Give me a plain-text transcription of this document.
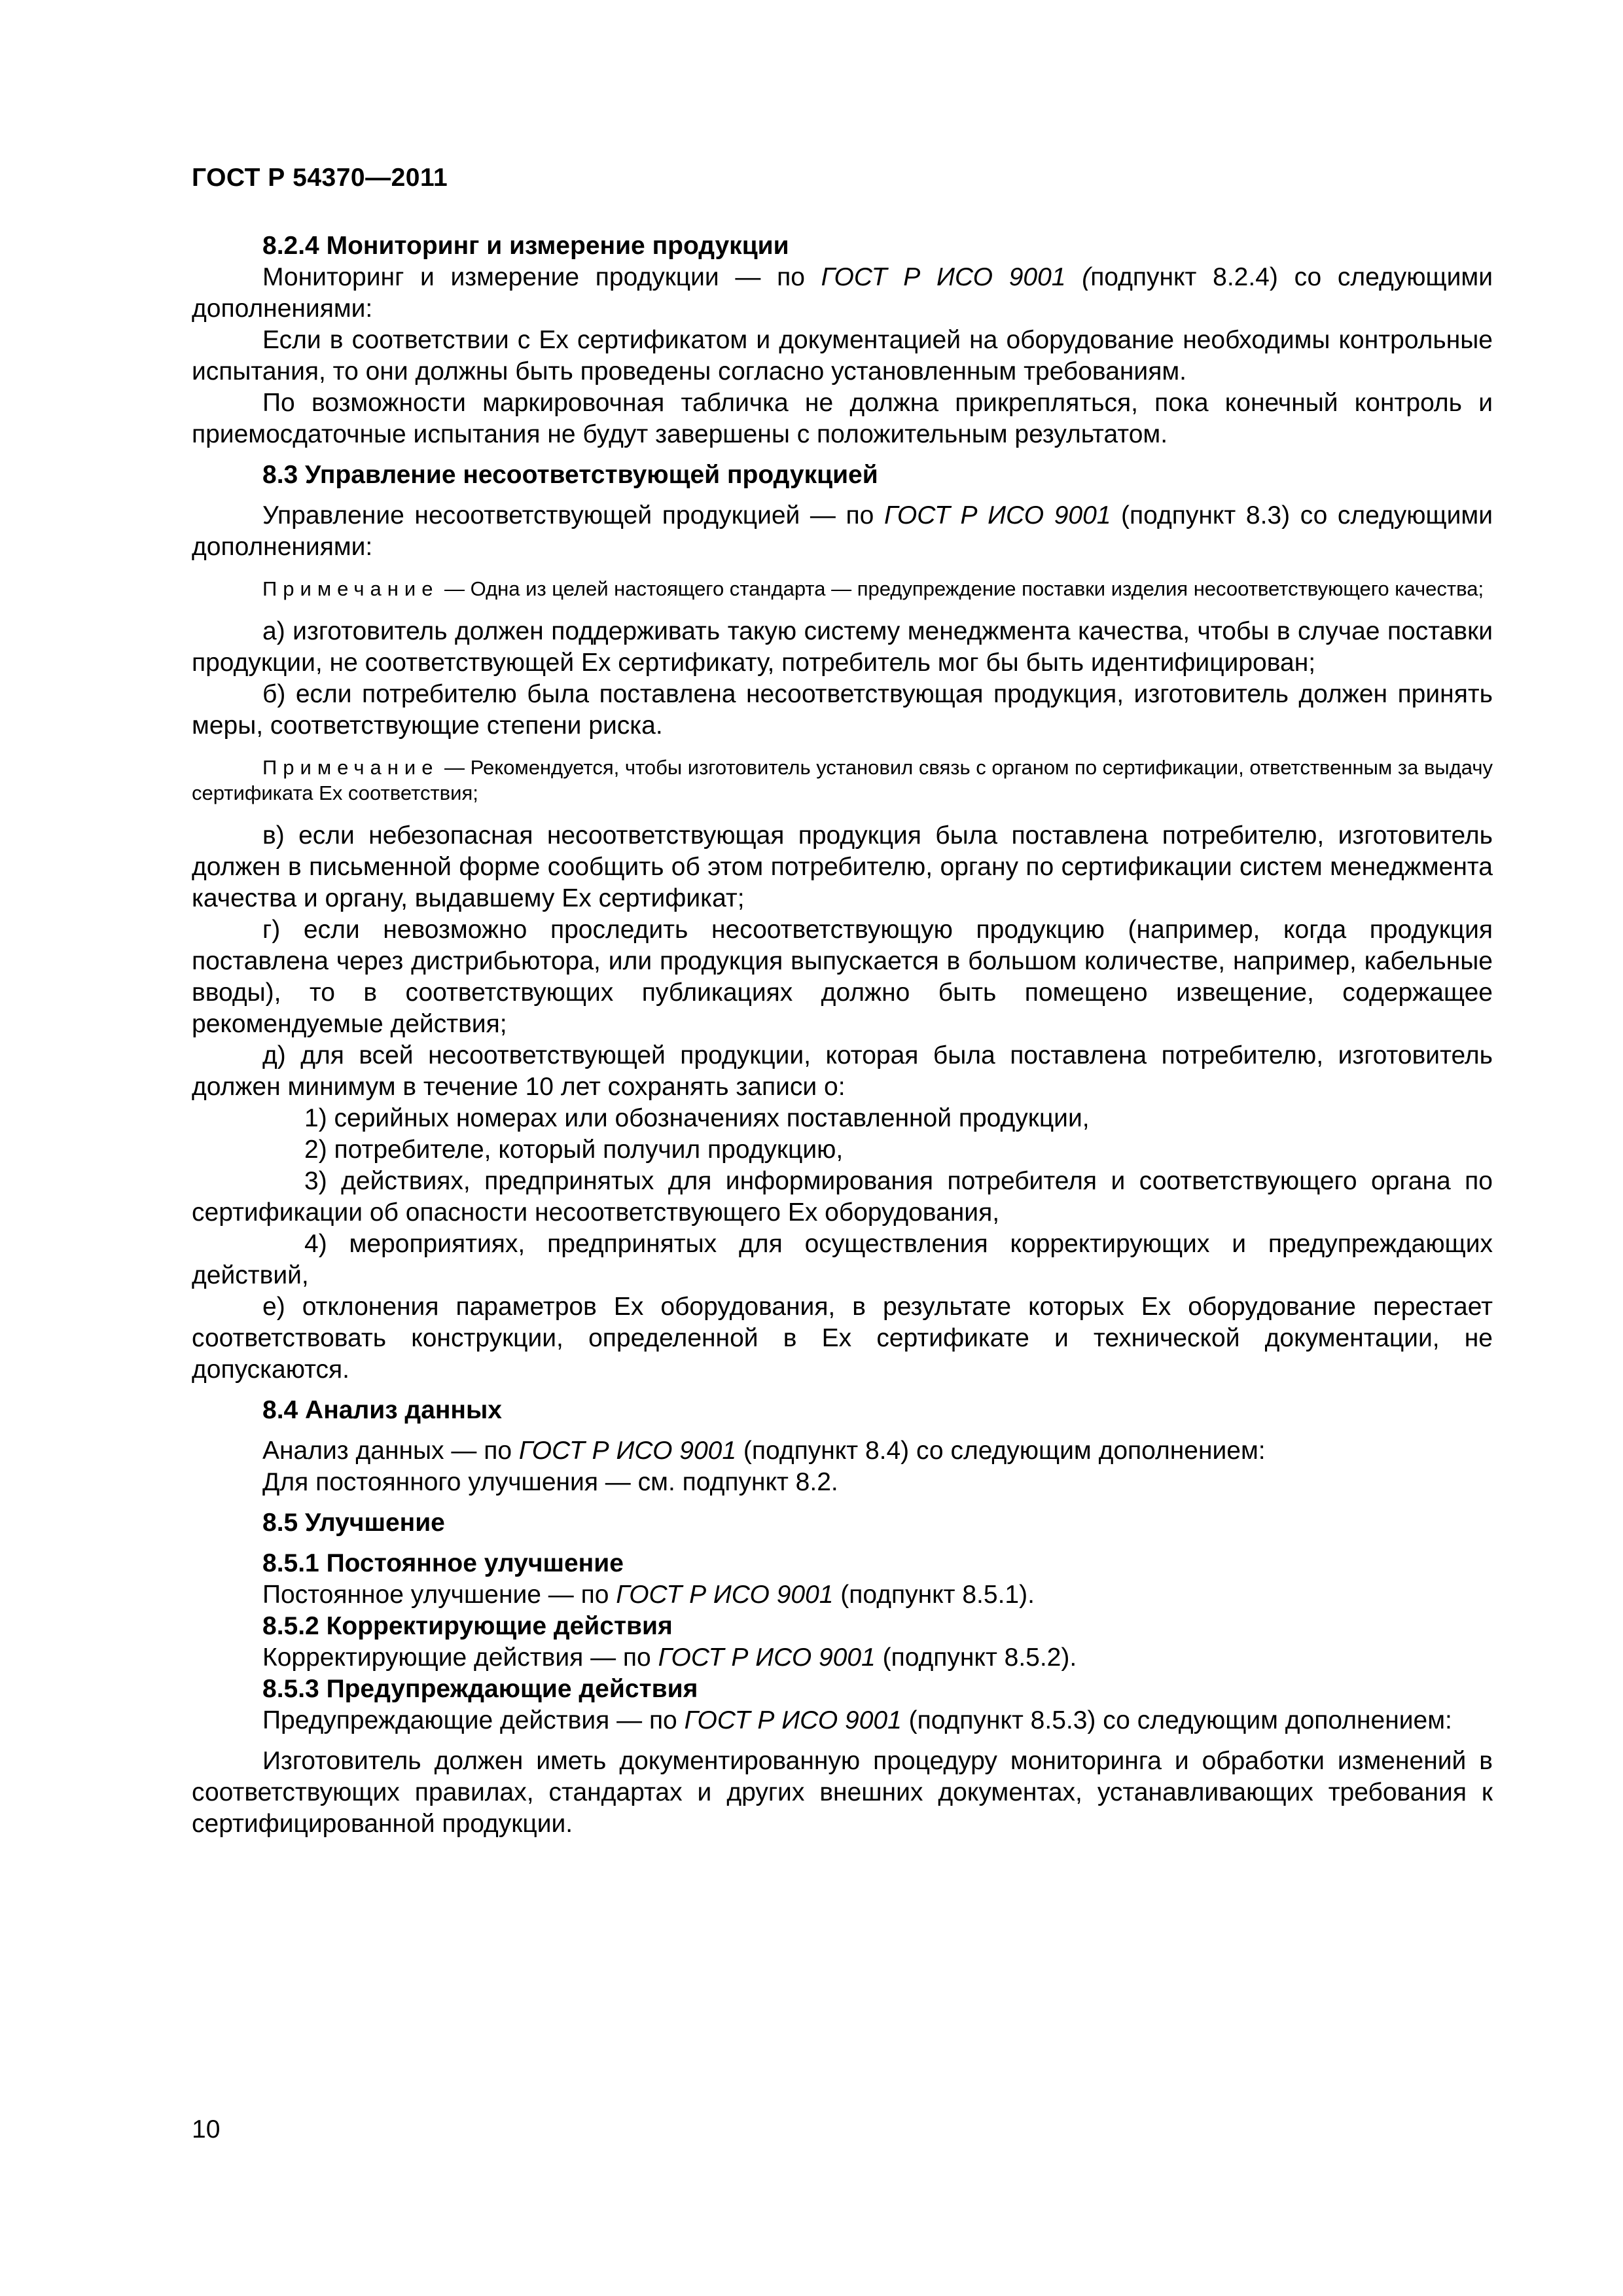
ГОСТ Р 54370—2011

8.2.4 Мониторинг и измерение продукции

Мониторинг и измерение продукции — по ГОСТ Р ИСО 9001 (подпункт 8.2.4) со следующими дополнениями:

Если в соответствии с Ex сертификатом и документацией на оборудование необходимы контрольные испытания, то они должны быть проведены согласно установленным требованиям.

По возможности маркировочная табличка не должна прикрепляться, пока конечный контроль и приемосдаточные испытания не будут завершены с положительным результатом.

8.3 Управление несоответствующей продукцией

Управление несоответствующей продукцией — по ГОСТ Р ИСО 9001 (подпункт 8.3) со следующими дополнениями:

Примечание — Одна из целей настоящего стандарта — предупреждение поставки изделия несоответствующего качества;

а) изготовитель должен поддерживать такую систему менеджмента качества, чтобы в случае поставки продукции, не соответствующей Ex сертификату, потребитель мог бы быть идентифицирован;

б) если потребителю была поставлена несоответствующая продукция, изготовитель должен принять меры, соответствующие степени риска.

Примечание — Рекомендуется, чтобы изготовитель установил связь с органом по сертификации, ответственным за выдачу сертификата Ex соответствия;

в) если небезопасная несоответствующая продукция была поставлена потребителю, изготовитель должен в письменной форме сообщить об этом потребителю, органу по сертификации систем менеджмента качества и органу, выдавшему Ex сертификат;

г) если невозможно проследить несоответствующую продукцию (например, когда продукция поставлена через дистрибьютора, или продукция выпускается в большом количестве, например, кабельные вводы), то в соответствующих публикациях должно быть помещено извещение, содержащее рекомендуемые действия;

д) для всей несоответствующей продукции, которая была поставлена потребителю, изготовитель должен минимум в течение 10 лет сохранять записи о:

1) серийных номерах или обозначениях поставленной продукции,

2) потребителе, который получил продукцию,

3) действиях, предпринятых для информирования потребителя и соответствующего органа по сертификации об опасности несоответствующего Ex оборудования,

4) мероприятиях, предпринятых для осуществления корректирующих и предупреждающих действий,

е) отклонения параметров Ex оборудования, в результате которых Ex оборудование перестает соответствовать конструкции, определенной в Ex сертификате и технической документации, не допускаются.

8.4 Анализ данных

Анализ данных — по ГОСТ Р ИСО 9001 (подпункт 8.4) со следующим дополнением:

Для постоянного улучшения — см. подпункт 8.2.

8.5 Улучшение

8.5.1 Постоянное улучшение

Постоянное улучшение — по ГОСТ Р ИСО 9001 (подпункт 8.5.1).

8.5.2 Корректирующие действия

Корректирующие действия — по ГОСТ Р ИСО 9001 (подпункт 8.5.2).

8.5.3 Предупреждающие действия

Предупреждающие действия — по ГОСТ Р ИСО 9001 (подпункт 8.5.3) со следующим дополнением:

Изготовитель должен иметь документированную процедуру мониторинга и обработки изменений в соответствующих правилах, стандартах и других внешних документах, устанавливающих требования к сертифицированной продукции.

10
